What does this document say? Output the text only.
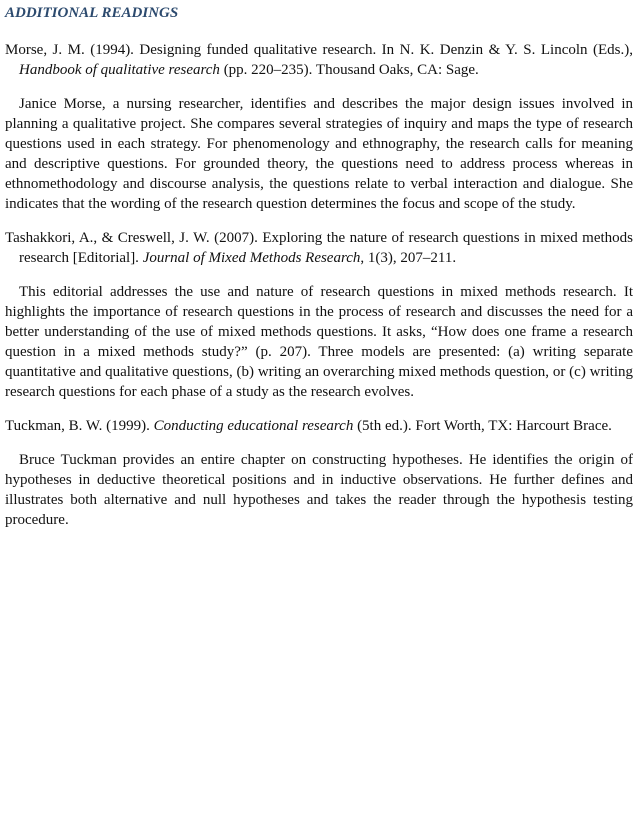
ADDITIONAL READINGS

Morse, J. M. (1994). Designing funded qualitative research. In N. K. Denzin & Y. S. Lincoln (Eds.), Handbook of qualitative research (pp. 220–235). Thousand Oaks, CA: Sage.

Janice Morse, a nursing researcher, identifies and describes the major design issues involved in planning a qualitative project. She compares several strategies of inquiry and maps the type of research questions used in each strategy. For phenomenology and ethnography, the research calls for meaning and descriptive questions. For grounded theory, the questions need to address process whereas in ethnomethodology and discourse analysis, the questions relate to verbal interaction and dialogue. She indicates that the wording of the research question determines the focus and scope of the study.

Tashakkori, A., & Creswell, J. W. (2007). Exploring the nature of research questions in mixed methods research [Editorial]. Journal of Mixed Methods Research, 1(3), 207–211.

This editorial addresses the use and nature of research questions in mixed methods research. It highlights the importance of research questions in the process of research and discusses the need for a better understanding of the use of mixed methods questions. It asks, “How does one frame a research question in a mixed methods study?” (p. 207). Three models are presented: (a) writing separate quantitative and qualitative questions, (b) writing an overarching mixed methods question, or (c) writing research questions for each phase of a study as the research evolves.

Tuckman, B. W. (1999). Conducting educational research (5th ed.). Fort Worth, TX: Harcourt Brace.

Bruce Tuckman provides an entire chapter on constructing hypotheses. He identifies the origin of hypotheses in deductive theoretical positions and in inductive observations. He further defines and illustrates both alternative and null hypotheses and takes the reader through the hypothesis testing procedure.
